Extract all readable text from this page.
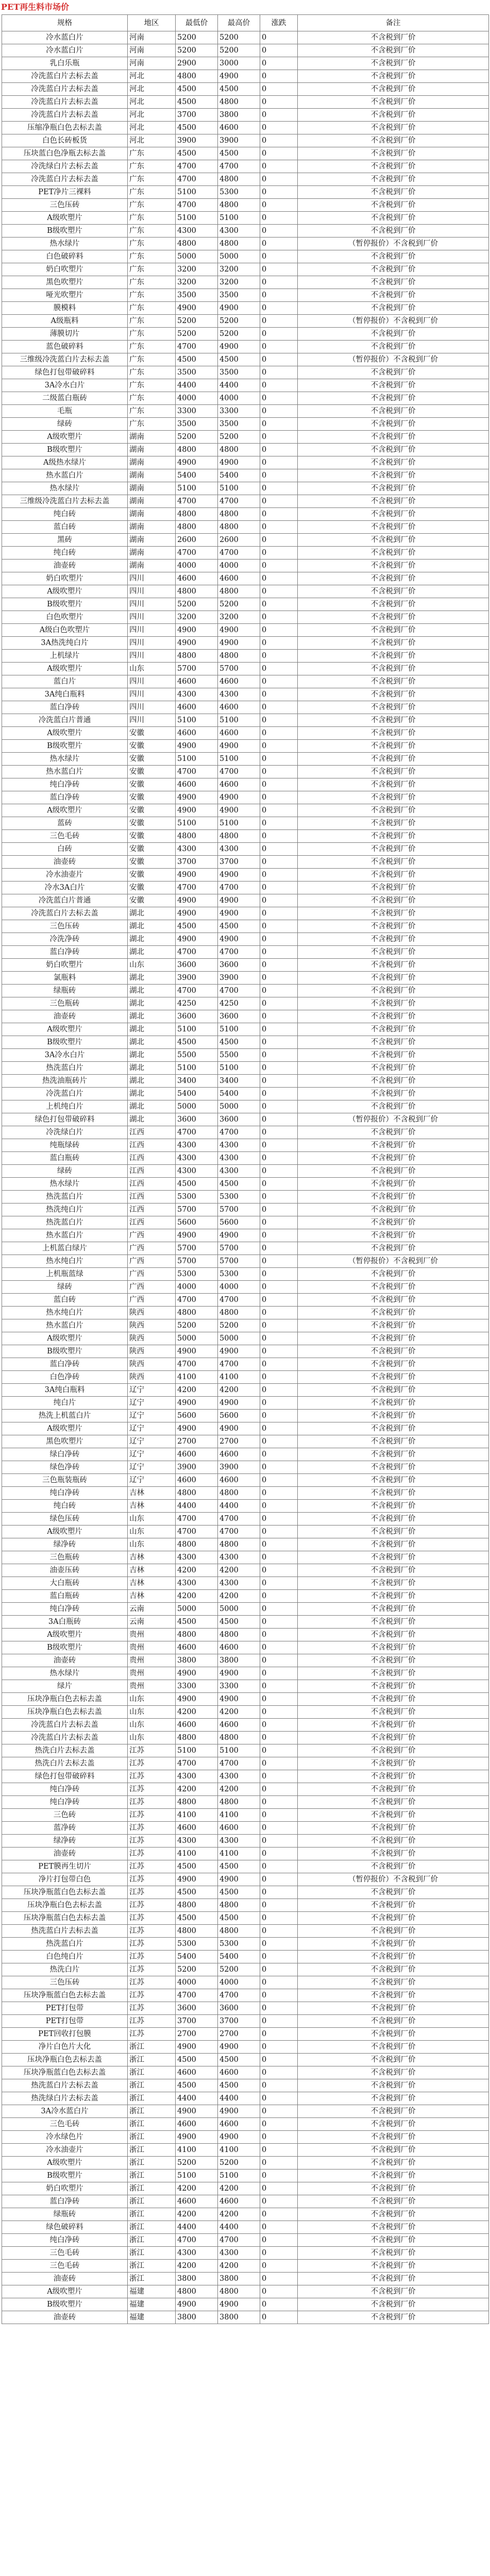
PET再生料市场价
规格	地区	最低价	最高价	涨跌	备注
冷水蓝白片	河南	5200	5200	0	不含税到厂价
冷水蓝白片	河南	5200	5200	0	不含税到厂价
乳白乐瓶	河南	2900	3000	0	不含税到厂价
冷洗蓝白片去标去盖	河北	4800	4900	0	不含税到厂价
冷洗蓝白片去标去盖	河北	4500	4500	0	不含税到厂价
冷洗蓝白片去标去盖	河北	4500	4800	0	不含税到厂价
冷洗蓝白片去标去盖	河北	3700	3800	0	不含税到厂价
压缩净瓶白色去标去盖	河北	4500	4600	0	不含税到厂价
白色长砖板货	河北	3900	3900	0	不含税到厂价
压块蓝白色净瓶去标去盖	广东	4500	4500	0	不含税到厂价
冷洗绿白片去标去盖	广东	4700	4700	0	不含税到厂价
冷洗蓝白片去标去盖	广东	4700	4800	0	不含税到厂价
PET净片三裸料	广东	5100	5300	0	不含税到厂价
三色压砖	广东	4700	4800	0	不含税到厂价
A级吹塑片	广东	5100	5100	0	不含税到厂价
B级吹塑片	广东	4300	4300	0	不含税到厂价
热水绿片	广东	4800	4800	0	（暂停报价）不含税到厂价
白色破碎料	广东	5000	5000	0	不含税到厂价
奶白吹塑片	广东	3200	3200	0	不含税到厂价
黑色吹塑片	广东	3200	3200	0	不含税到厂价
哑光吹塑片	广东	3500	3500	0	不含税到厂价
膜模料	广东	4900	4900	0	不含税到厂价
A级瓶料	广东	5200	5200	0	（暂停报价）不含税到厂价
薄膜切片	广东	5200	5200	0	不含税到厂价
蓝色破碎料	广东	4700	4900	0	不含税到厂价
三维级冷洗蓝白片去标去盖	广东	4500	4500	0	（暂停报价）不含税到厂价
绿色打包带破碎料	广东	3500	3500	0	不含税到厂价
3A冷水白片	广东	4400	4400	0	不含税到厂价
二级蓝白瓶砖	广东	4000	4000	0	不含税到厂价
毛瓶	广东	3300	3300	0	不含税到厂价
绿砖	广东	3500	3500	0	不含税到厂价
A级吹塑片	湖南	5200	5200	0	不含税到厂价
B级吹塑片	湖南	4800	4800	0	不含税到厂价
A级热水绿片	湖南	4900	4900	0	不含税到厂价
热水蓝白片	湖南	5400	5400	0	不含税到厂价
热水绿片	湖南	5100	5100	0	不含税到厂价
三维级冷洗蓝白片去标去盖	湖南	4700	4700	0	不含税到厂价
纯白砖	湖南	4800	4800	0	不含税到厂价
蓝白砖	湖南	4800	4800	0	不含税到厂价
黑砖	湖南	2600	2600	0	不含税到厂价
纯白砖	湖南	4700	4700	0	不含税到厂价
油壶砖	湖南	4000	4000	0	不含税到厂价
奶白吹塑片	四川	4600	4600	0	不含税到厂价
A级吹塑片	四川	4800	4800	0	不含税到厂价
B级吹塑片	四川	5200	5200	0	不含税到厂价
白色吹塑片	四川	3200	3200	0	不含税到厂价
A级白色吹塑片	四川	4900	4900	0	不含税到厂价
3A热洗纯白片	四川	4900	4900	0	不含税到厂价
上机绿片	四川	4800	4800	0	不含税到厂价
A级吹塑片	山东	5700	5700	0	不含税到厂价
蓝白片	四川	4600	4600	0	不含税到厂价
3A纯白瓶料	四川	4300	4300	0	不含税到厂价
蓝白净砖	四川	4600	4600	0	不含税到厂价
冷洗蓝白片普通	四川	5100	5100	0	不含税到厂价
A级吹塑片	安徽	4600	4600	0	不含税到厂价
B级吹塑片	安徽	4900	4900	0	不含税到厂价
热水绿片	安徽	5100	5100	0	不含税到厂价
热水蓝白片	安徽	4700	4700	0	不含税到厂价
纯白净砖	安徽	4600	4600	0	不含税到厂价
蓝白净砖	安徽	4900	4900	0	不含税到厂价
A级吹塑片	安徽	4900	4900	0	不含税到厂价
蓝砖	安徽	5100	5100	0	不含税到厂价
三色毛砖	安徽	4800	4800	0	不含税到厂价
白砖	安徽	4300	4300	0	不含税到厂价
油壶砖	安徽	3700	3700	0	不含税到厂价
冷水油壶片	安徽	4900	4900	0	不含税到厂价
冷水3A白片	安徽	4700	4700	0	不含税到厂价
冷洗蓝白片普通	安徽	4900	4900	0	不含税到厂价
冷洗蓝白片去标去盖	湖北	4900	4900	0	不含税到厂价
三色压砖	湖北	4500	4500	0	不含税到厂价
冷洗净砖	湖北	4900	4900	0	不含税到厂价
蓝白净砖	湖北	4700	4700	0	不含税到厂价
奶白吹塑片	山东	3600	3600	0	不含税到厂价
氯瓶料	湖北	3900	3900	0	不含税到厂价
绿瓶砖	湖北	4700	4700	0	不含税到厂价
三色瓶砖	湖北	4250	4250	0	不含税到厂价
油壶砖	湖北	3600	3600	0	不含税到厂价
A级吹塑片	湖北	5100	5100	0	不含税到厂价
B级吹塑片	湖北	4500	4500	0	不含税到厂价
3A冷水白片	湖北	5500	5500	0	不含税到厂价
热洗蓝白片	湖北	5100	5100	0	不含税到厂价
热洗油瓶砖片	湖北	3400	3400	0	不含税到厂价
冷洗蓝白片	湖北	5400	5400	0	不含税到厂价
上机纯白片	湖北	5000	5000	0	不含税到厂价
绿色打包带破碎料	湖北	3600	3600	0	（暂停报价）不含税到厂价
冷洗绿白片	江西	4700	4700	0	不含税到厂价
纯瓶绿砖	江西	4300	4300	0	不含税到厂价
蓝白瓶砖	江西	4300	4300	0	不含税到厂价
绿砖	江西	4300	4300	0	不含税到厂价
热水绿片	江西	4500	4500	0	不含税到厂价
热洗蓝白片	江西	5300	5300	0	不含税到厂价
热洗纯白片	江西	5700	5700	0	不含税到厂价
热洗蓝白片	江西	5600	5600	0	不含税到厂价
热水蓝白片	广西	4900	4900	0	不含税到厂价
上机蓝白绿片	广西	5700	5700	0	不含税到厂价
热水纯白片	广西	5700	5700	0	（暂停报价）不含税到厂价
上机瓶蓝绿	广西	5300	5300	0	不含税到厂价
绿砖	广西	4000	4000	0	不含税到厂价
蓝白砖	广西	4700	4700	0	不含税到厂价
热水纯白片	陕西	4800	4800	0	不含税到厂价
热水蓝白片	陕西	5200	5200	0	不含税到厂价
A级吹塑片	陕西	5000	5000	0	不含税到厂价
B级吹塑片	陕西	4900	4900	0	不含税到厂价
蓝白净砖	陕西	4700	4700	0	不含税到厂价
白色净砖	陕西	4100	4100	0	不含税到厂价
3A纯白瓶料	辽宁	4200	4200	0	不含税到厂价
纯白片	辽宁	4900	4900	0	不含税到厂价
热洗上机蓝白片	辽宁	5600	5600	0	不含税到厂价
A级吹塑片	辽宁	4900	4900	0	不含税到厂价
黑色吹塑片	辽宁	2700	2700	0	不含税到厂价
绿白净砖	辽宁	4600	4600	0	不含税到厂价
绿色净砖	辽宁	3900	3900	0	不含税到厂价
三色瓶装瓶砖	辽宁	4600	4600	0	不含税到厂价
纯白净砖	吉林	4800	4800	0	不含税到厂价
纯白砖	吉林	4400	4400	0	不含税到厂价
绿色压砖	山东	4700	4700	0	不含税到厂价
A级吹塑片	山东	4700	4700	0	不含税到厂价
绿净砖	山东	4800	4800	0	不含税到厂价
三色瓶砖	吉林	4300	4300	0	不含税到厂价
油壶压砖	吉林	4200	4200	0	不含税到厂价
大白瓶砖	吉林	4300	4300	0	不含税到厂价
蓝白瓶砖	吉林	4200	4200	0	不含税到厂价
纯白净砖	云南	5000	5000	0	不含税到厂价
3A白瓶砖	云南	4500	4500	0	不含税到厂价
A级吹塑片	贵州	4800	4800	0	不含税到厂价
B级吹塑片	贵州	4600	4600	0	不含税到厂价
油壶砖	贵州	3800	3800	0	不含税到厂价
热水绿片	贵州	4900	4900	0	不含税到厂价
绿片	贵州	3300	3300	0	不含税到厂价
压块净瓶白色去标去盖	山东	4900	4900	0	不含税到厂价
压块净瓶白色去标去盖	山东	4200	4200	0	不含税到厂价
冷洗蓝白片去标去盖	山东	4600	4600	0	不含税到厂价
冷洗蓝白片去标去盖	山东	4800	4800	0	不含税到厂价
热洗白片去标去盖	江苏	5100	5100	0	不含税到厂价
热洗白片去标去盖	江苏	4700	4700	0	不含税到厂价
绿色打包带破碎料	江苏	4300	4300	0	不含税到厂价
纯白净砖	江苏	4200	4200	0	不含税到厂价
纯白净砖	江苏	4800	4800	0	不含税到厂价
三色砖	江苏	4100	4100	0	不含税到厂价
蓝净砖	江苏	4600	4600	0	不含税到厂价
绿净砖	江苏	4300	4300	0	不含税到厂价
油壶砖	江苏	4100	4100	0	不含税到厂价
PET膜再生切片	江苏	4500	4500	0	不含税到厂价
净片打包带白色	江苏	4900	4900	0	（暂停报价）不含税到厂价
压块净瓶蓝白色去标去盖	江苏	4500	4500	0	不含税到厂价
压块净瓶白色去标去盖	江苏	4800	4800	0	不含税到厂价
压块净瓶蓝白色去标去盖	江苏	4500	4500	0	不含税到厂价
热洗蓝白片去标去盖	江苏	4800	4800	0	不含税到厂价
热洗蓝白片	江苏	5300	5300	0	不含税到厂价
白色纯白片	江苏	5400	5400	0	不含税到厂价
热洗白片	江苏	5200	5200	0	不含税到厂价
三色压砖	江苏	4000	4000	0	不含税到厂价
压块净瓶蓝白色去标去盖	江苏	4700	4700	0	不含税到厂价
PET打包带	江苏	3600	3600	0	不含税到厂价
PET打包带	江苏	3700	3700	0	不含税到厂价
PET回收打包膜	江苏	2700	2700	0	不含税到厂价
净片白色片大化	浙江	4900	4900	0	不含税到厂价
压块净瓶白色去标去盖	浙江	4500	4500	0	不含税到厂价
压块净瓶蓝白色去标去盖	浙江	4600	4600	0	不含税到厂价
热洗蓝白片去标去盖	浙江	4500	4500	0	不含税到厂价
热洗绿白片去标去盖	浙江	4400	4400	0	不含税到厂价
3A冷水蓝白片	浙江	4900	4900	0	不含税到厂价
三色毛砖	浙江	4600	4600	0	不含税到厂价
冷水绿色片	浙江	4900	4900	0	不含税到厂价
冷水油壶片	浙江	4100	4100	0	不含税到厂价
A级吹塑片	浙江	5200	5200	0	不含税到厂价
B级吹塑片	浙江	5100	5100	0	不含税到厂价
奶白吹塑片	浙江	4200	4200	0	不含税到厂价
蓝白净砖	浙江	4600	4600	0	不含税到厂价
绿瓶砖	浙江	4200	4200	0	不含税到厂价
绿色破碎料	浙江	4400	4400	0	不含税到厂价
纯白净砖	浙江	4700	4700	0	不含税到厂价
三色毛砖	浙江	4300	4300	0	不含税到厂价
三色毛砖	浙江	4200	4200	0	不含税到厂价
油壶砖	浙江	3800	3800	0	不含税到厂价
A级吹塑片	福建	4800	4800	0	不含税到厂价
B级吹塑片	福建	4900	4900	0	不含税到厂价
油壶砖	福建	3800	3800	0	不含税到厂价
